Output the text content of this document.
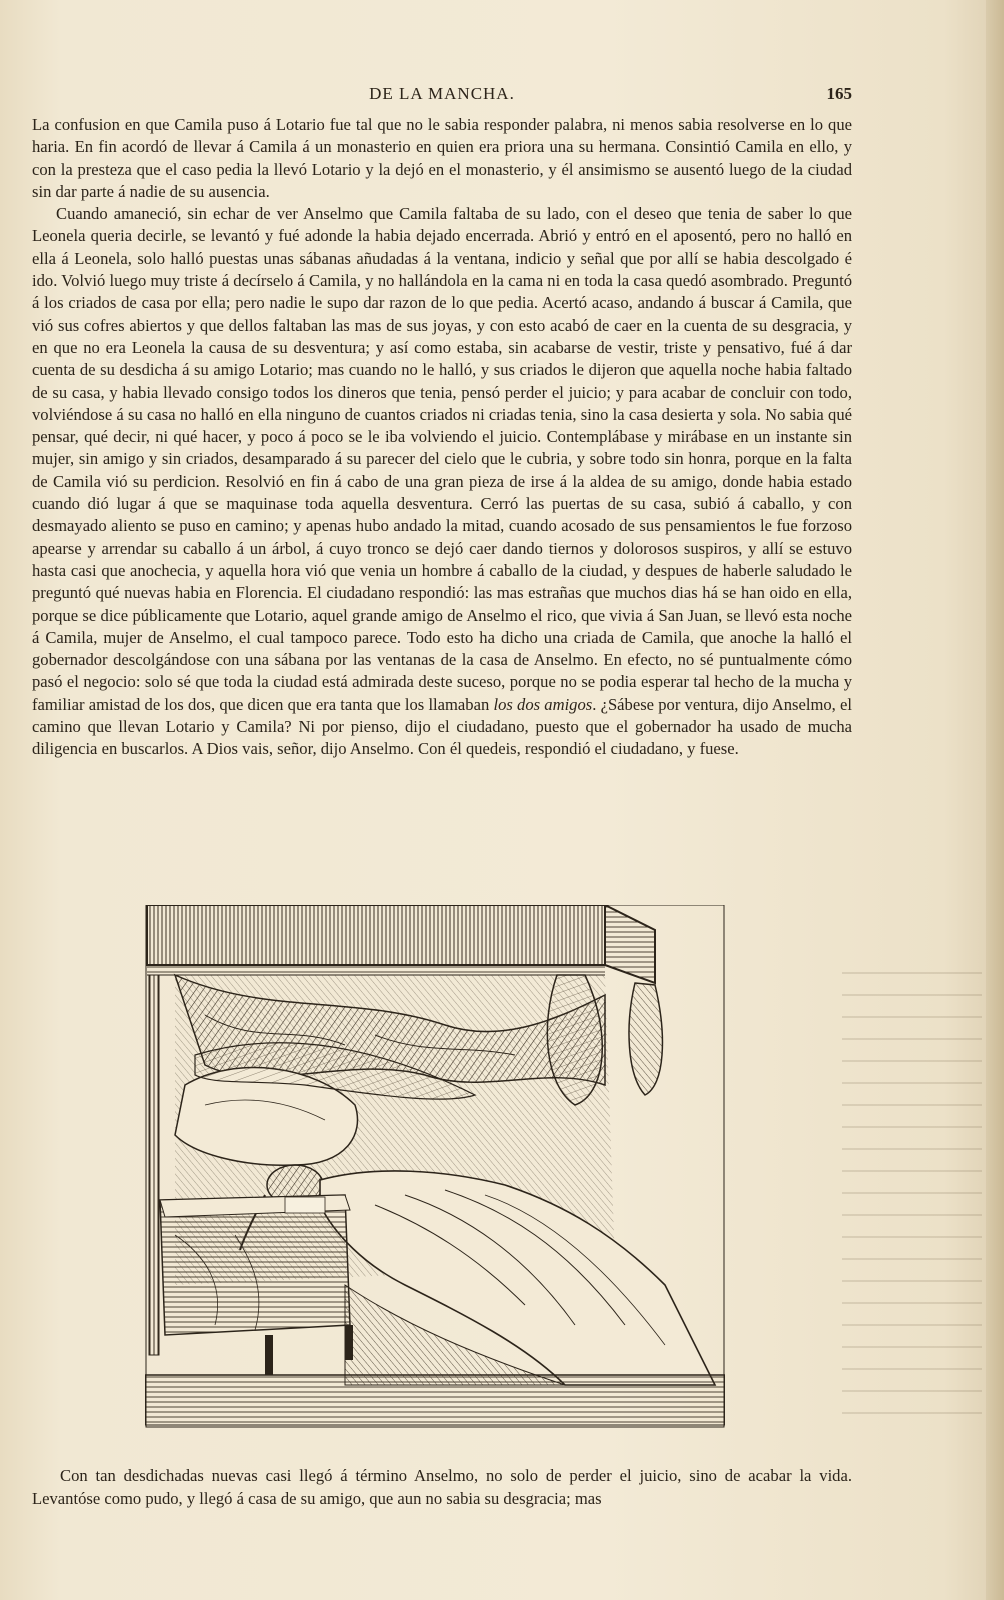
DE LA MANCHA.	165

La confusion en que Camila puso á Lotario fue tal que no le sabia responder palabra, ni menos sabia resolverse en lo que haria. En fin acordó de llevar á Camila á un monasterio en quien era priora una su hermana. Consintió Camila en ello, y con la presteza que el caso pedia la llevó Lotario y la dejó en el monasterio, y él ansimismo se ausentó luego de la ciudad sin dar parte á nadie de su ausencia.

Cuando amaneció, sin echar de ver Anselmo que Camila faltaba de su lado, con el deseo que tenia de saber lo que Leonela queria decirle, se levantó y fué adonde la habia dejado encerrada. Abrió y entró en el aposentó, pero no halló en ella á Leonela, solo halló puestas unas sábanas añudadas á la ventana, indicio y señal que por allí se habia descolgado é ido. Volvió luego muy triste á decírselo á Camila, y no hallándola en la cama ni en toda la casa quedó asombrado. Preguntó á los criados de casa por ella; pero nadie le supo dar razon de lo que pedia. Acertó acaso, andando á buscar á Camila, que vió sus cofres abiertos y que dellos faltaban las mas de sus joyas, y con esto acabó de caer en la cuenta de su desgracia, y en que no era Leonela la causa de su desventura; y así como estaba, sin acabarse de vestir, triste y pensativo, fué á dar cuenta de su desdicha á su amigo Lotario; mas cuando no le halló, y sus criados le dijeron que aquella noche habia faltado de su casa, y habia llevado consigo todos los dineros que tenia, pensó perder el juicio; y para acabar de concluir con todo, volviéndose á su casa no halló en ella ninguno de cuantos criados ni criadas tenia, sino la casa desierta y sola. No sabia qué pensar, qué decir, ni qué hacer, y poco á poco se le iba volviendo el juicio. Contemplábase y mirábase en un instante sin mujer, sin amigo y sin criados, desamparado á su parecer del cielo que le cubria, y sobre todo sin honra, porque en la falta de Camila vió su perdicion. Resolvió en fin á cabo de una gran pieza de irse á la aldea de su amigo, donde habia estado cuando dió lugar á que se maquinase toda aquella desventura. Cerró las puertas de su casa, subió á caballo, y con desmayado aliento se puso en camino; y apenas hubo andado la mitad, cuando acosado de sus pensamientos le fue forzoso apearse y arrendar su caballo á un árbol, á cuyo tronco se dejó caer dando tiernos y dolorosos suspiros, y allí se estuvo hasta casi que anochecia, y aquella hora vió que venia un hombre á caballo de la ciudad, y despues de haberle saludado le preguntó qué nuevas habia en Florencia. El ciudadano respondió: las mas estrañas que muchos dias há se han oido en ella, porque se dice públicamente que Lotario, aquel grande amigo de Anselmo el rico, que vivia á San Juan, se llevó esta noche á Camila, mujer de Anselmo, el cual tampoco parece. Todo esto ha dicho una criada de Camila, que anoche la halló el gobernador descolgándose con una sábana por las ventanas de la casa de Anselmo. En efecto, no sé puntualmente cómo pasó el negocio: solo sé que toda la ciudad está admirada deste suceso, porque no se podia esperar tal hecho de la mucha y familiar amistad de los dos, que dicen que era tanta que los llamaban los dos amigos. ¿Sábese por ventura, dijo Anselmo, el camino que llevan Lotario y Camila? Ni por pienso, dijo el ciudadano, puesto que el gobernador ha usado de mucha diligencia en buscarlos. A Dios vais, señor, dijo Anselmo. Con él quedeis, respondió el ciudadano, y fuese.

Con tan desdichadas nuevas casi llegó á término Anselmo, no solo de perder el juicio, sino de acabar la vida. Levantóse como pudo, y llegó á casa de su amigo, que aun no sabia su desgracia; mas
